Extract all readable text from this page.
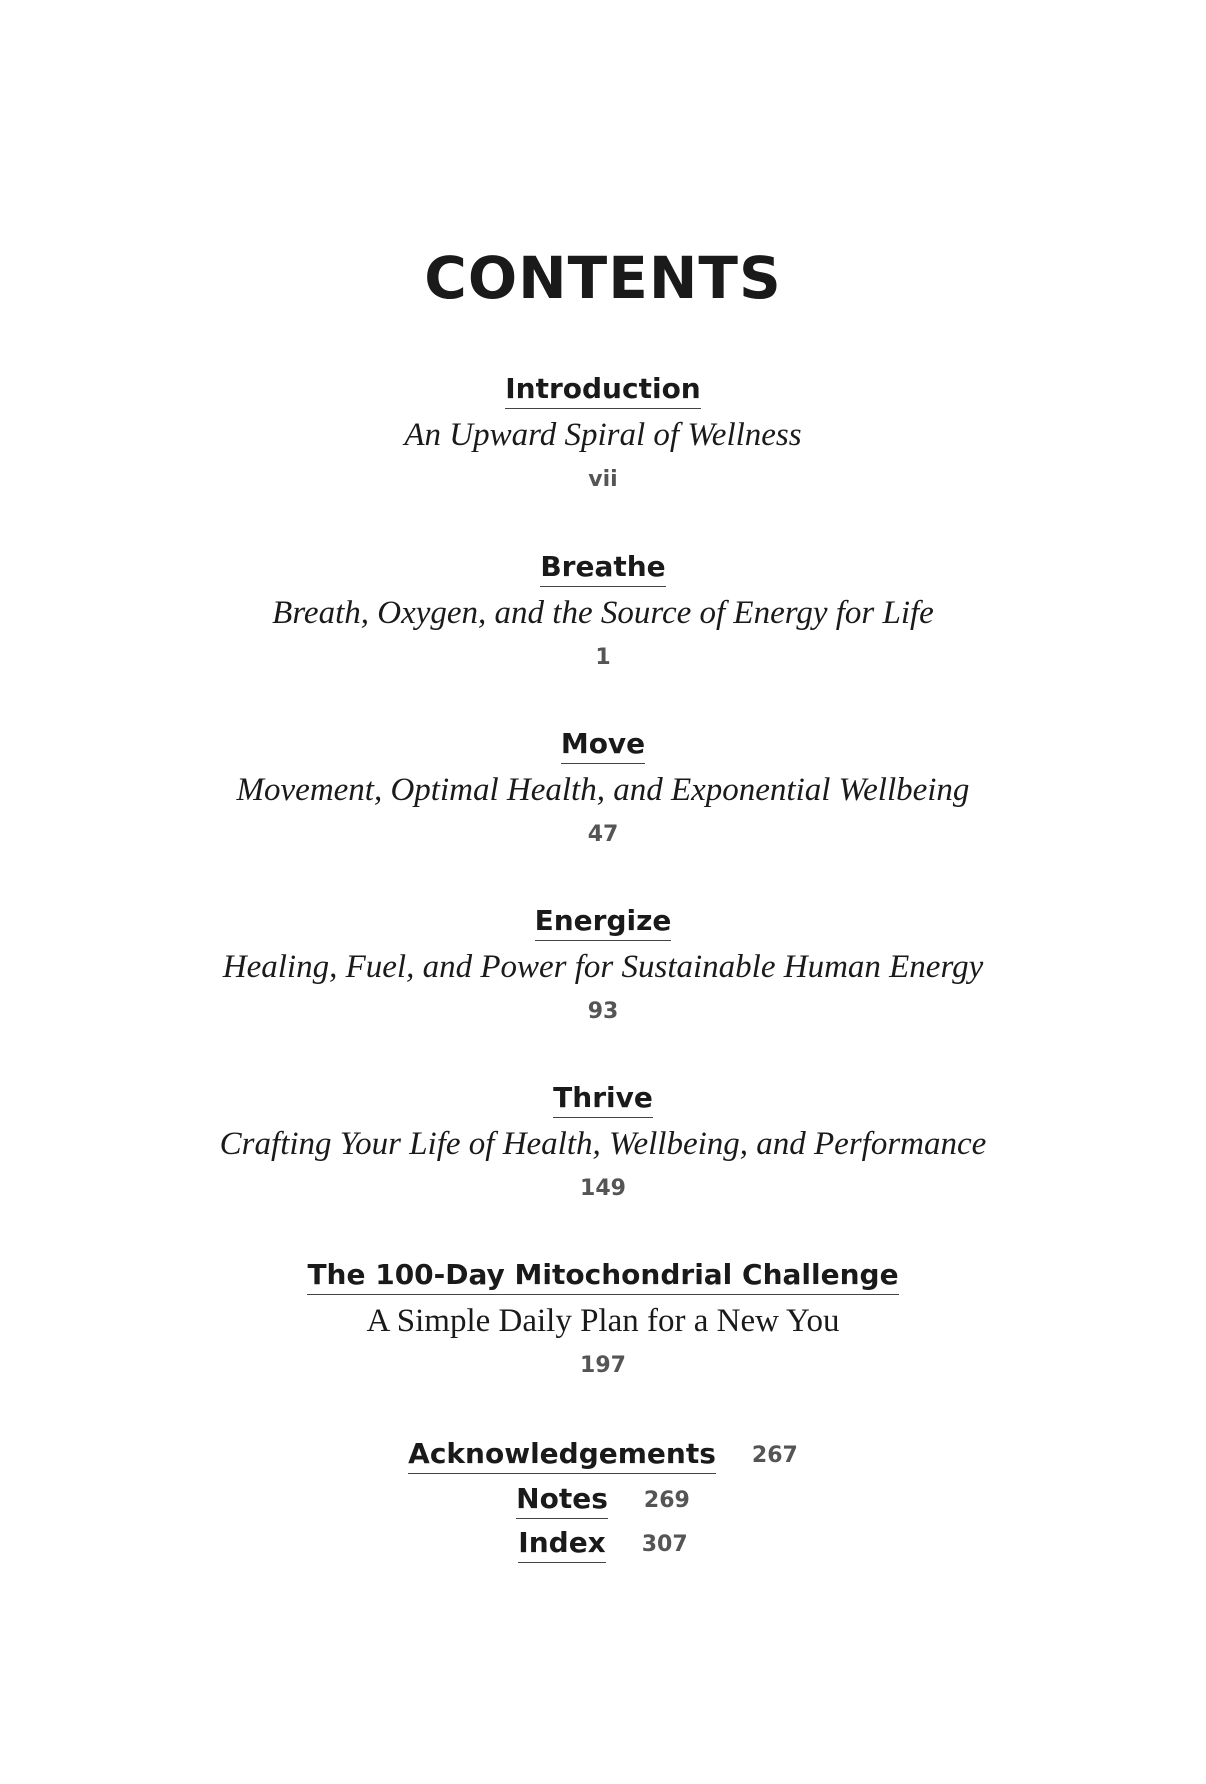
CONTENTS
Introduction
An Upward Spiral of Wellness
vii
Breathe
Breath, Oxygen, and the Source of Energy for Life
1
Move
Movement, Optimal Health, and Exponential Wellbeing
47
Energize
Healing, Fuel, and Power for Sustainable Human Energy
93
Thrive
Crafting Your Life of Health, Wellbeing, and Performance
149
The 100-Day Mitochondrial Challenge
A Simple Daily Plan for a New You
197
Acknowledgements 267
Notes 269
Index 307
